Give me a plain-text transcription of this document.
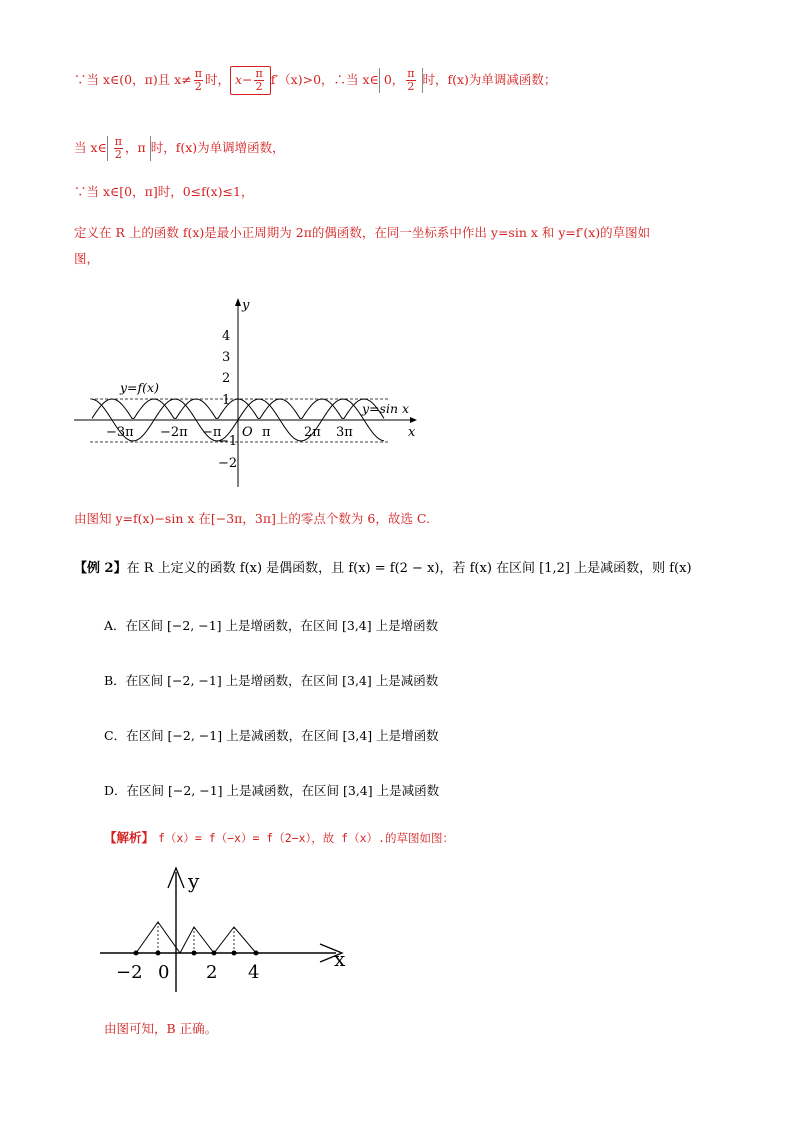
∵当 x∈(0，π)且 $x\ne \frac{\pi}{2}$ 时， $x- \frac{\pi}{2} f'(x)>0$，∴当 x∈ 0， $\frac{\pi}{2}$ 时，f(x)为单调减函数；
当 x∈ $\frac{\pi}{2}$ ，π 时，f(x)为单调增函数，
∵当 x∈[0，π]时，0≤f(x)≤1，
定义在 R 上的函数 f(x)是最小正周期为 2π的偶函数，在同一坐标系中作出 y=sin x 和 y=f′(x)的草图如
图，
y
x
4
3
2
1
−1
−2
−3π −2π −π O π	2π 3π
y=f(x)
y=sin x
由图知 y=f(x)−sin x 在[−3π，3π]上的零点个数为 6，故选 C.
【例 2】在 R 上定义的函数 f(x) 是偶函数，且 f(x) = f(2 − x)，若 f(x) 在区间 [1,2] 上是减函数，则 f(x)
A．在区间 [−2, −1] 上是增函数，在区间 [3,4] 上是增函数
B．在区间 [−2, −1] 上是增函数，在区间 [3,4] 上是减函数
C．在区间 [−2, −1] 上是减函数，在区间 [3,4] 上是增函数
D．在区间 [−2, −1] 上是减函数，在区间 [3,4] 上是减函数
【解析】 f（x）= f（−x）= f（2−x），故 f（x）.的草图如图：
y
x
−2 0 2 4
由图可知，B 正确。
